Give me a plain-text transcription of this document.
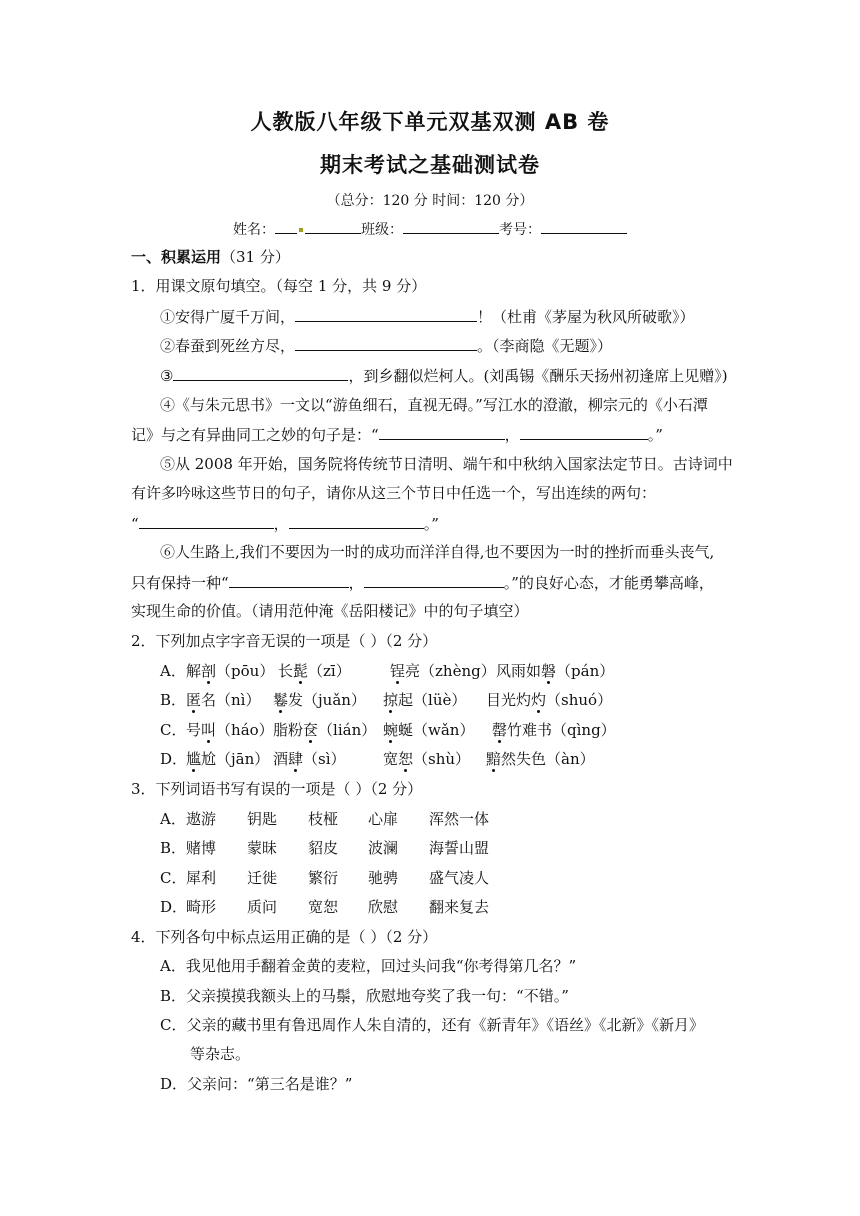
人教版八年级下单元双基双测 AB 卷
期末考试之基础测试卷
（总分：120 分 时间：120 分）
姓名：	班级：	考号：
一、积累运用（31 分）
1．用课文原句填空。（每空 1 分，共 9 分）
①安得广厦千万间，	！（杜甫《茅屋为秋风所破歌》）
②春蚕到死丝方尽，	。（李商隐《无题》）
③	，到乡翻似烂柯人。(刘禹锡《酬乐天扬州初逢席上见赠》)
④《与朱元思书》一文以“游鱼细石，直视无碍。”写江水的澄澈，柳宗元的《小石潭
记》与之有异曲同工之妙的句子是：“	，	。”
⑤从 2008 年开始，国务院将传统节日清明、端午和中秋纳入国家法定节日。古诗词中
有许多吟咏这些节日的句子，请你从这三个节日中任选一个，写出连续的两句：
“	，	。”
⑥人生路上,我们不要因为一时的成功而洋洋自得,也不要因为一时的挫折而垂头丧气,
只有保持一种“	，	。”的良好心态，才能勇攀高峰，
实现生命的价值。（请用范仲淹《岳阳楼记》中的句子填空）
2．下列加点字字音无误的一项是（ ）（2 分）
A． 解剖（pōu） 长髭（zī）	锃亮（zhèng） 风雨如磐（pán）
B． 匿名（nì） 鬈发（juǎn） 掠起（lüè） 目光灼灼（shuó）
C． 号叫（háo） 脂粉奁（lián） 蜿蜒（wǎn） 罄竹难书（qìng）
D．
尴尬（jān） 酒肆（sì） 宽恕（shù） 黯然失色（àn）
3．下列词语书写有误的一项是（ ）（2 分）
A． 遨游 钥匙 枝桠 心扉 浑然一体
B． 赌博 蒙昧 貂皮 波澜 海誓山盟
C． 犀利 迁徙 繁衍 驰骋 盛气凌人
D．
畸形 质问 宽恕 欣慰 翻来复去
4．下列各句中标点运用正确的是（ ）（2 分）
A．我见他用手翻着金黄的麦粒，回过头问我“你考得第几名？”
B．父亲摸摸我额头上的马鬃，欣慰地夸奖了我一句：“不错。”
C．父亲的藏书里有鲁迅周作人朱自清的，还有《新青年》《语丝》《北新》《新月》
等杂志。
D．父亲问：“第三名是谁？”
